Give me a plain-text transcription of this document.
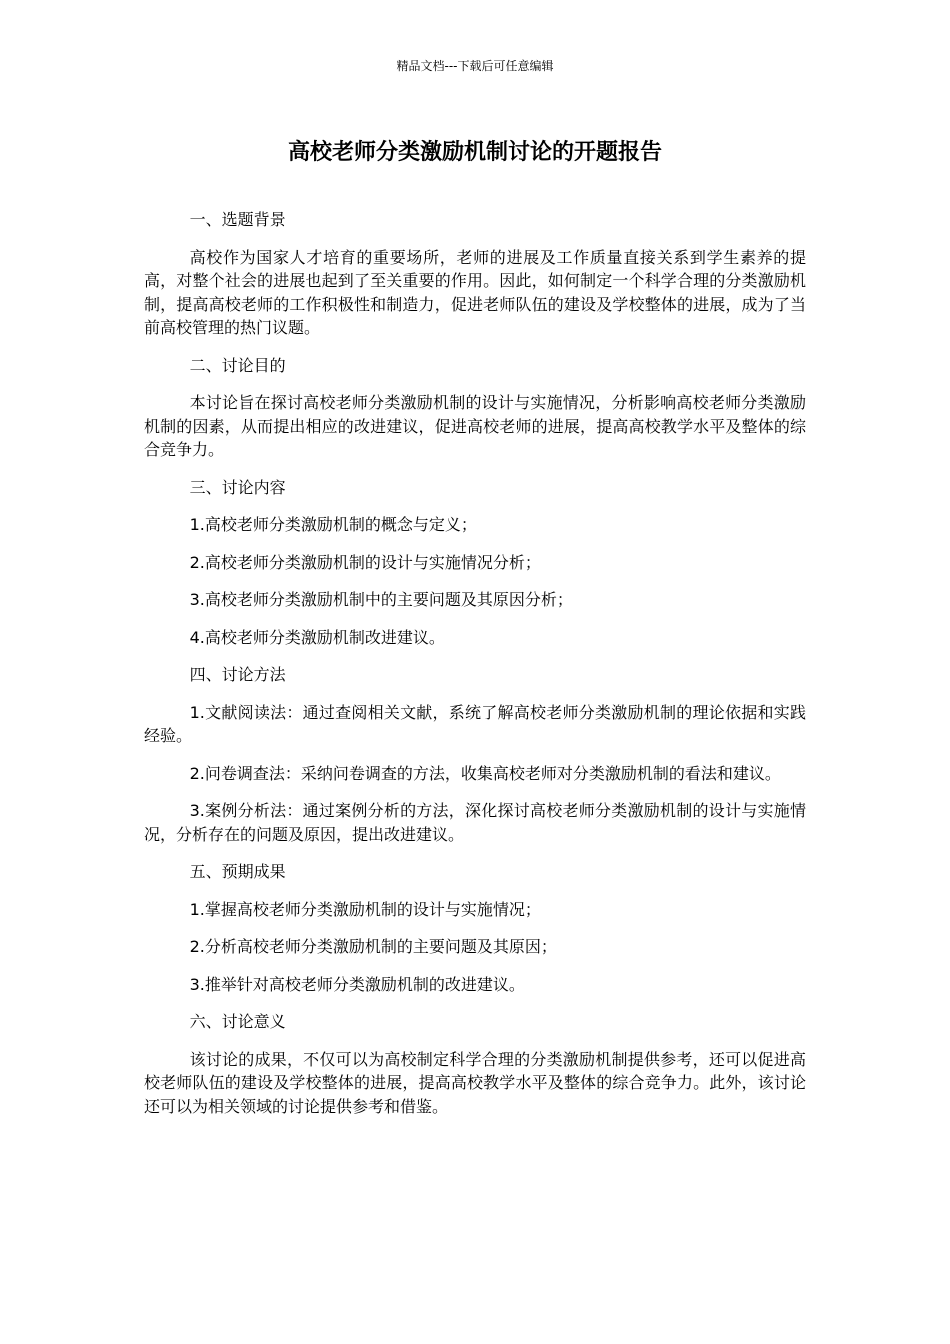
精品文档---下载后可任意编辑
高校老师分类激励机制讨论的开题报告

一、选题背景

高校作为国家人才培育的重要场所，老师的进展及工作质量直接关系到学生素养的提高，对整个社会的进展也起到了至关重要的作用。因此，如何制定一个科学合理的分类激励机制，提高高校老师的工作积极性和制造力，促进老师队伍的建设及学校整体的进展，成为了当前高校管理的热门议题。

二、讨论目的

本讨论旨在探讨高校老师分类激励机制的设计与实施情况，分析影响高校老师分类激励机制的因素，从而提出相应的改进建议，促进高校老师的进展，提高高校教学水平及整体的综合竞争力。

三、讨论内容

1.高校老师分类激励机制的概念与定义；

2.高校老师分类激励机制的设计与实施情况分析；

3.高校老师分类激励机制中的主要问题及其原因分析；

4.高校老师分类激励机制改进建议。

四、讨论方法

1.文献阅读法：通过查阅相关文献，系统了解高校老师分类激励机制的理论依据和实践经验。

2.问卷调查法：采纳问卷调查的方法，收集高校老师对分类激励机制的看法和建议。

3.案例分析法：通过案例分析的方法，深化探讨高校老师分类激励机制的设计与实施情况，分析存在的问题及原因，提出改进建议。

五、预期成果

1.掌握高校老师分类激励机制的设计与实施情况；

2.分析高校老师分类激励机制的主要问题及其原因；

3.推举针对高校老师分类激励机制的改进建议。

六、讨论意义

该讨论的成果，不仅可以为高校制定科学合理的分类激励机制提供参考，还可以促进高校老师队伍的建设及学校整体的进展，提高高校教学水平及整体的综合竞争力。此外，该讨论还可以为相关领域的讨论提供参考和借鉴。
